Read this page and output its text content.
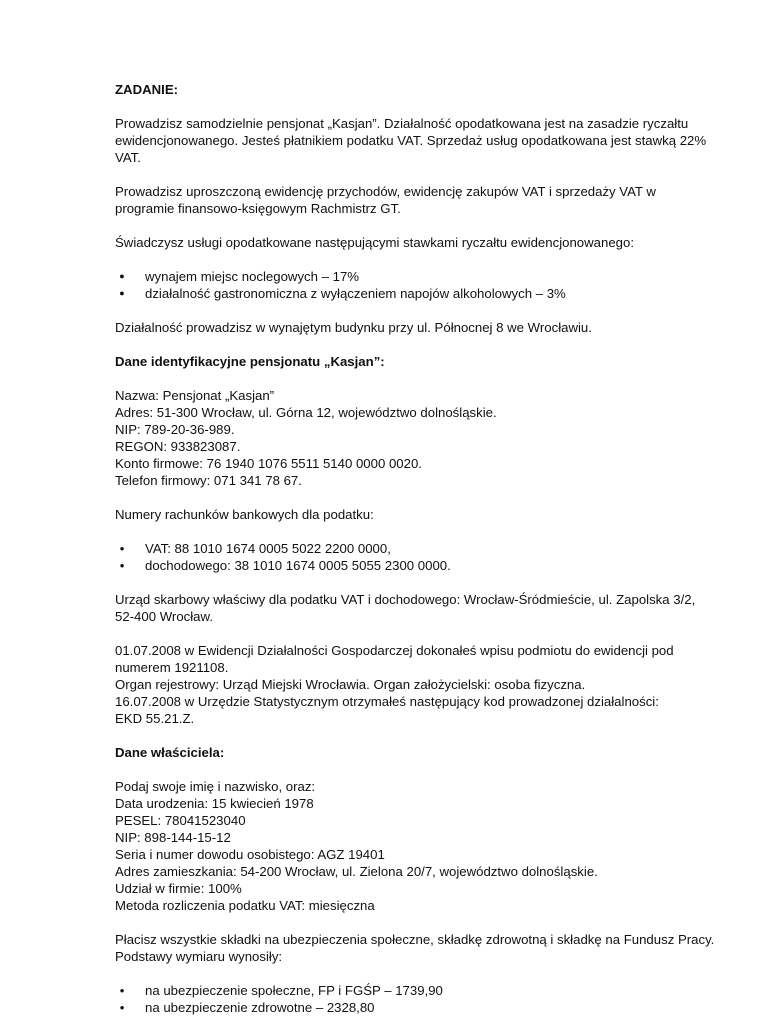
ZADANIE:

Prowadzisz samodzielnie pensjonat „Kasjan”. Działalność opodatkowana jest na zasadzie ryczałtu ewidencjonowanego. Jesteś płatnikiem podatku VAT. Sprzedaż usług opodatkowana jest stawką 22% VAT.

Prowadzisz uproszczoną ewidencję przychodów, ewidencję zakupów VAT i sprzedaży VAT w programie finansowo-księgowym Rachmistrz GT.

Świadczysz usługi opodatkowane następującymi stawkami ryczałtu ewidencjonowanego:

●	wynajem miejsc noclegowych – 17%
●	działalność gastronomiczna z wyłączeniem napojów alkoholowych – 3%

Działalność prowadzisz w wynajętym budynku przy ul. Północnej 8 we Wrocławiu.

Dane identyfikacyjne pensjonatu „Kasjan”:

Nazwa: Pensjonat „Kasjan”
Adres: 51-300 Wrocław, ul. Górna 12, województwo dolnośląskie.
NIP: 789-20-36-989.
REGON: 933823087.
Konto firmowe: 76 1940 1076 5511 5140 0000 0020.
Telefon firmowy: 071 341 78 67.

Numery rachunków bankowych dla podatku:

•	VAT: 88 1010 1674 0005 5022 2200 0000,
•	dochodowego: 38 1010 1674 0005 5055 2300 0000.

Urząd skarbowy właściwy dla podatku VAT i dochodowego: Wrocław-Śródmieście, ul. Zapolska 3/2, 52-400 Wrocław.

01.07.2008 w Ewidencji Działalności Gospodarczej dokonałeś wpisu podmiotu do ewidencji pod numerem 1921108.
Organ rejestrowy: Urząd Miejski Wrocławia. Organ założycielski: osoba fizyczna.
16.07.2008 w Urzędzie Statystycznym otrzymałeś następujący kod prowadzonej działalności:
EKD 55.21.Z.

Dane właściciela:

Podaj swoje imię i nazwisko, oraz:
Data urodzenia: 15 kwiecień 1978
PESEL: 78041523040
NIP: 898-144-15-12
Seria i numer dowodu osobistego: AGZ 19401
Adres zamieszkania: 54-200 Wrocław, ul. Zielona 20/7, województwo dolnośląskie.
Udział w firmie: 100%
Metoda rozliczenia podatku VAT: miesięczna

Płacisz wszystkie składki na ubezpieczenia społeczne, składkę zdrowotną i składkę na Fundusz Pracy. Podstawy wymiaru wynosiły:

•	na ubezpieczenie społeczne, FP i FGŚP – 1739,90
•	na ubezpieczenie zdrowotne – 2328,80
